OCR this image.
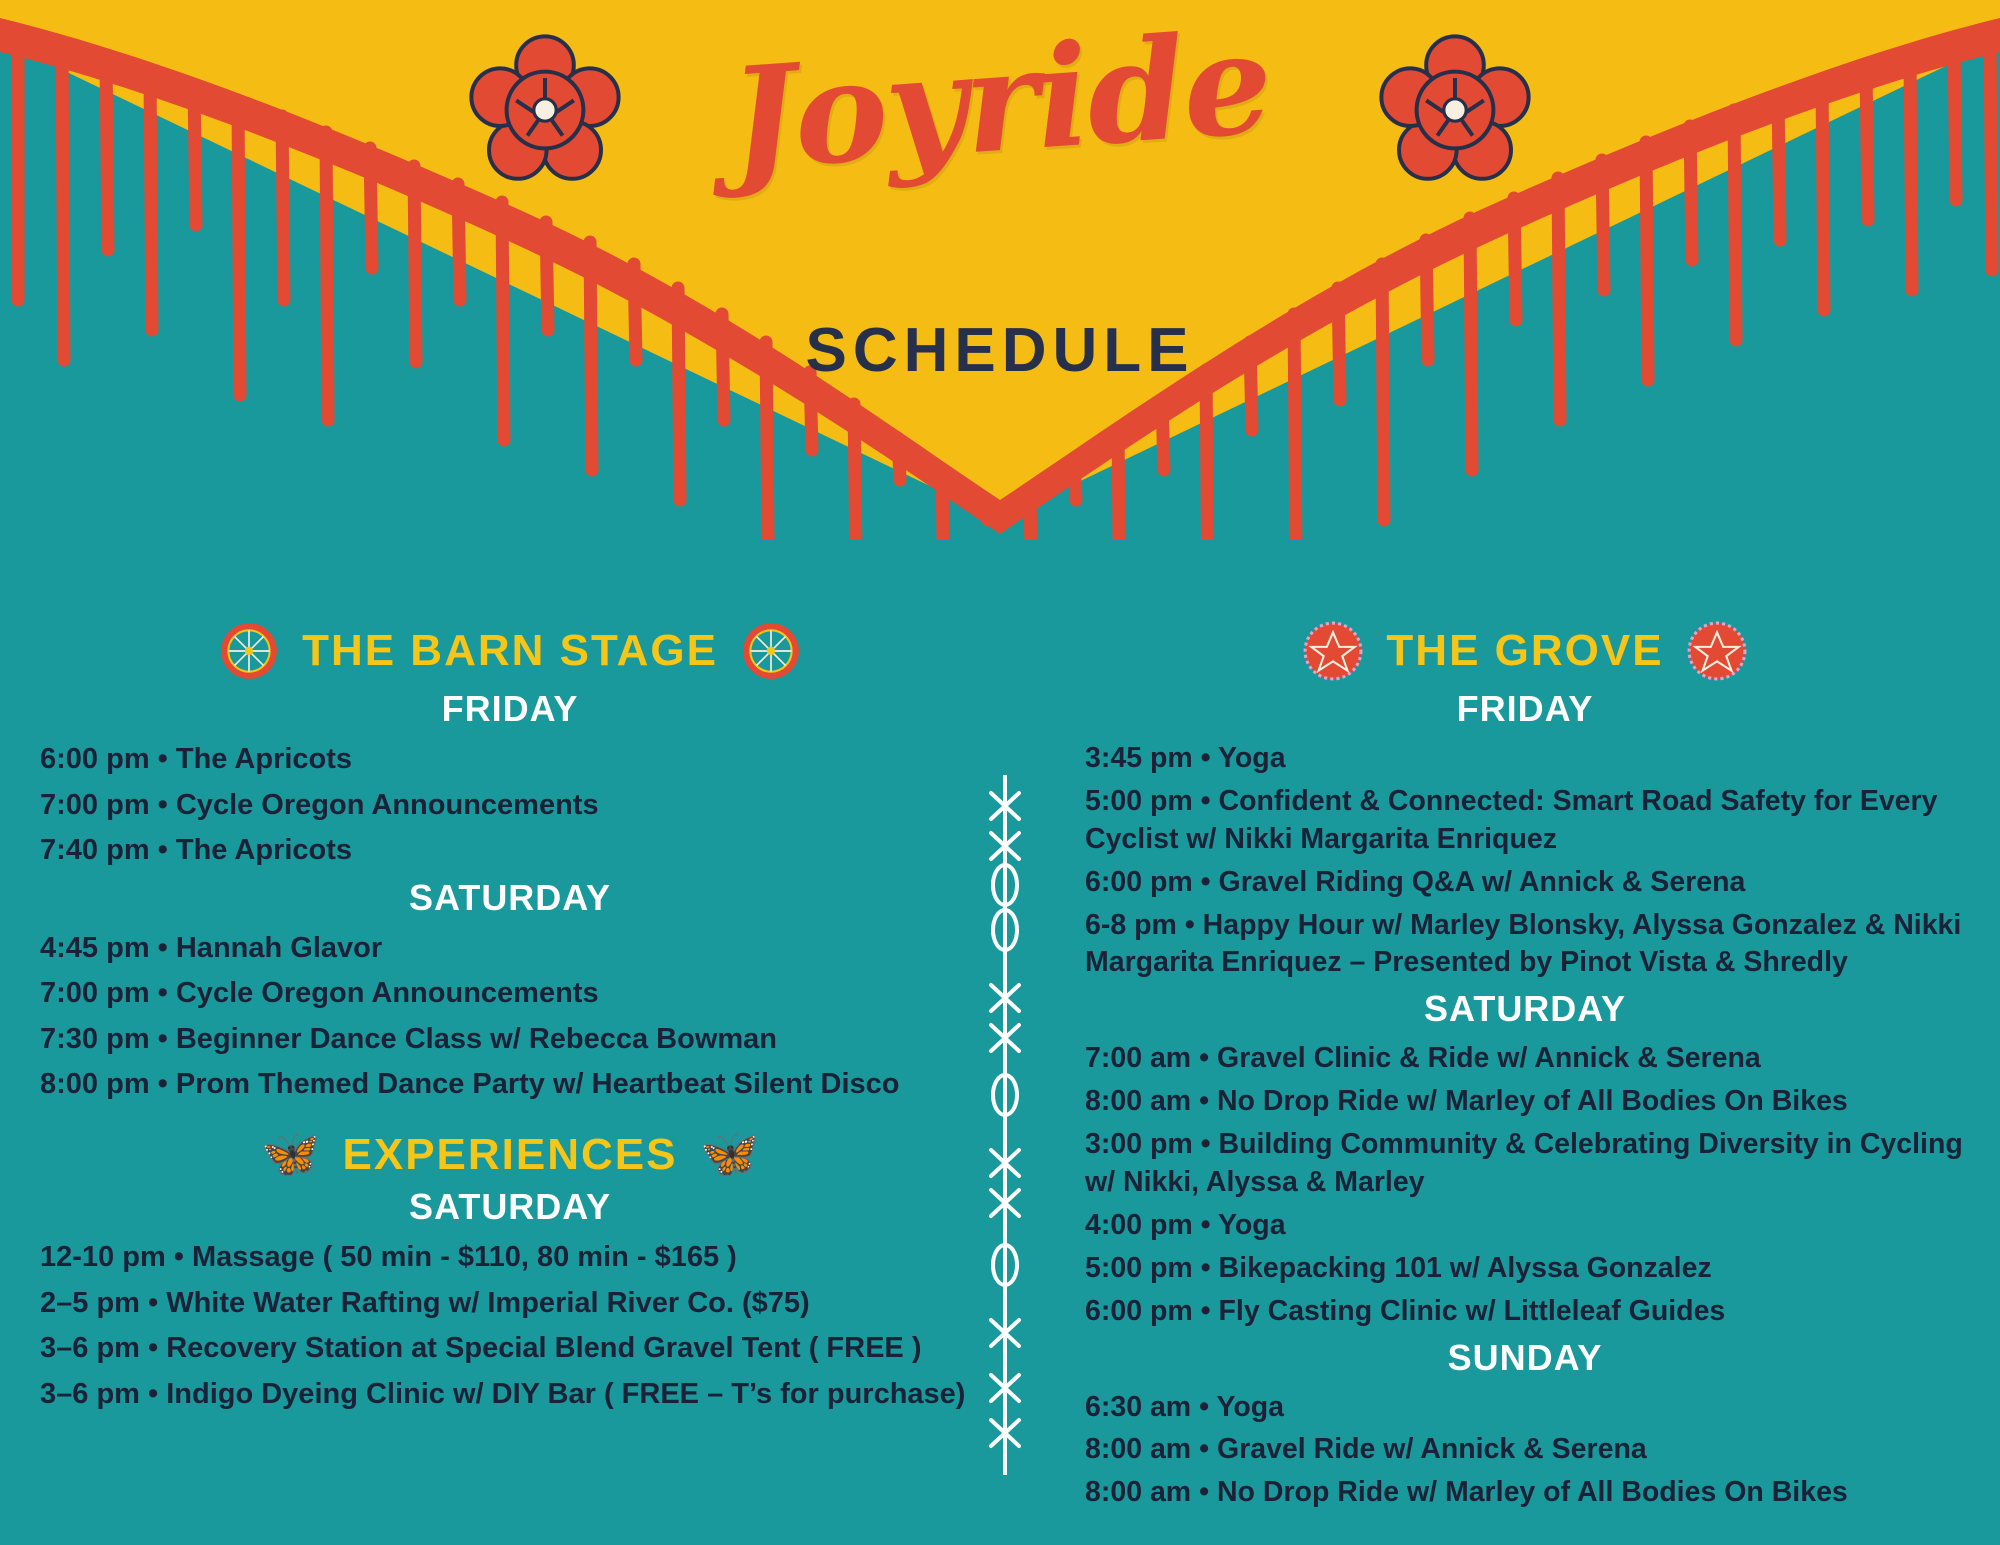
Joyride
SCHEDULE
THE BARN STAGE
FRIDAY
6:00 pm • The Apricots
7:00 pm • Cycle Oregon Announcements
7:40 pm • The Apricots
SATURDAY
4:45 pm • Hannah Glavor
7:00 pm • Cycle Oregon Announcements
7:30 pm • Beginner Dance Class w/ Rebecca Bowman
8:00 pm • Prom Themed Dance Party w/ Heartbeat Silent Disco
🦋 EXPERIENCES 🦋
SATURDAY
12-10 pm • Massage ( 50 min - $110, 80 min - $165 )
2–5 pm • White Water Rafting w/ Imperial River Co. ($75)
3–6 pm • Recovery Station at Special Blend Gravel Tent ( FREE )
3–6 pm • Indigo Dyeing Clinic w/ DIY Bar ( FREE – T’s for purchase)
THE GROVE
FRIDAY
3:45 pm • Yoga
5:00 pm • Confident & Connected: Smart Road Safety for Every Cyclist w/ Nikki Margarita Enriquez
6:00 pm • Gravel Riding Q&A w/ Annick & Serena
6-8 pm • Happy Hour w/ Marley Blonsky, Alyssa Gonzalez & Nikki Margarita Enriquez – Presented by Pinot Vista & Shredly
SATURDAY
7:00 am • Gravel Clinic & Ride w/ Annick & Serena
8:00 am • No Drop Ride w/ Marley of All Bodies On Bikes
3:00 pm • Building Community & Celebrating Diversity in Cycling w/ Nikki, Alyssa & Marley
4:00 pm • Yoga
5:00 pm • Bikepacking 101 w/ Alyssa Gonzalez
6:00 pm • Fly Casting Clinic w/ Littleleaf Guides
SUNDAY
6:30 am • Yoga
8:00 am • Gravel Ride w/ Annick & Serena
8:00 am • No Drop Ride w/ Marley of All Bodies On Bikes
